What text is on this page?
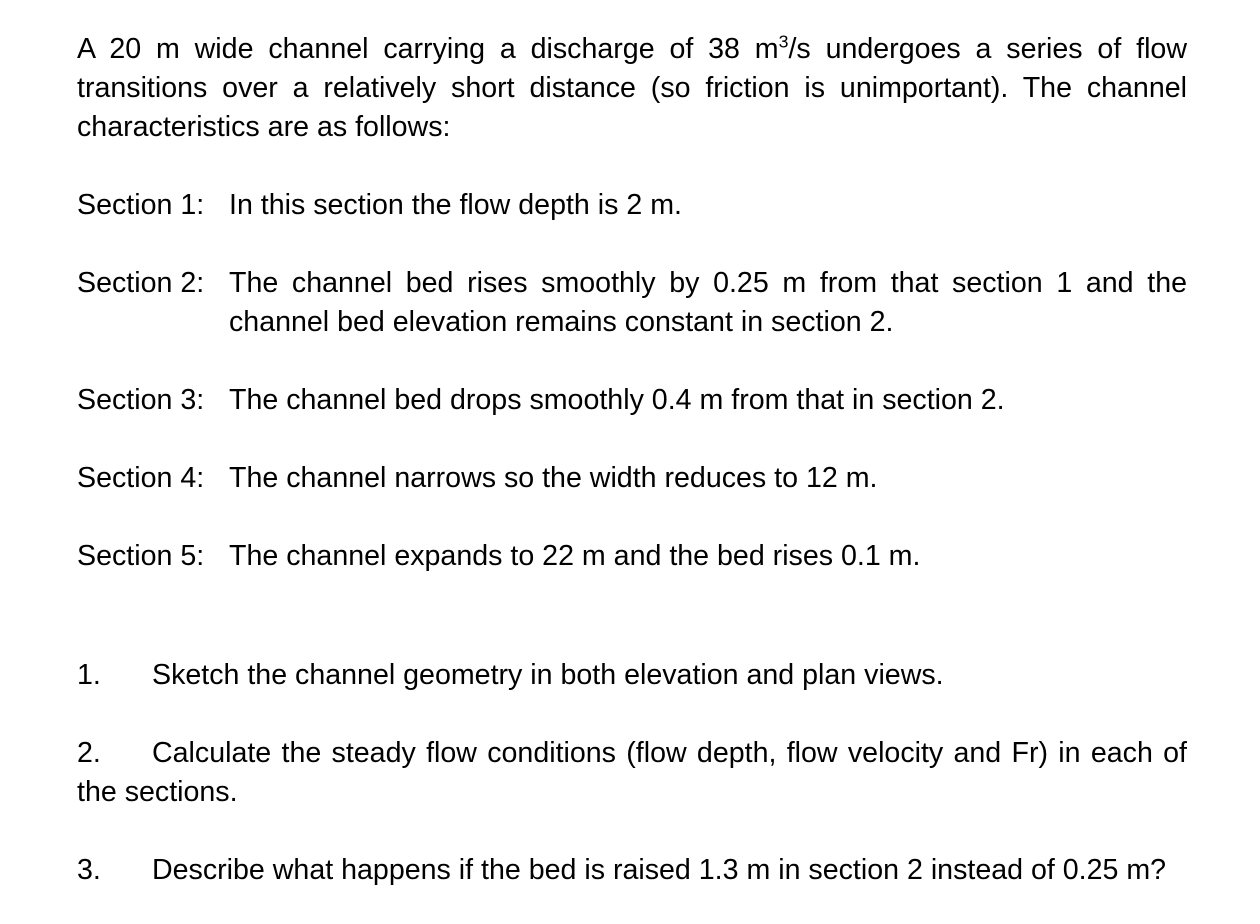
A 20 m wide channel carrying a discharge of 38 $m^3/s$ undergoes a series of flow transitions over a relatively short distance (so friction is unimportant). The channel characteristics are as follows:

Section 1: In this section the flow depth is 2 m.
Section 2: The channel bed rises smoothly by 0.25 m from that section 1 and the channel bed elevation remains constant in section 2.
Section 3: The channel bed drops smoothly 0.4 m from that in section 2.
Section 4: The channel narrows so the width reduces to 12 m.
Section 5: The channel expands to 22 m and the bed rises 0.1 m.

1. Sketch the channel geometry in both elevation and plan views.

2. Calculate the steady flow conditions (flow depth, flow velocity and Fr) in each of the sections.

3. Describe what happens if the bed is raised 1.3 m in section 2 instead of 0.25 m?
